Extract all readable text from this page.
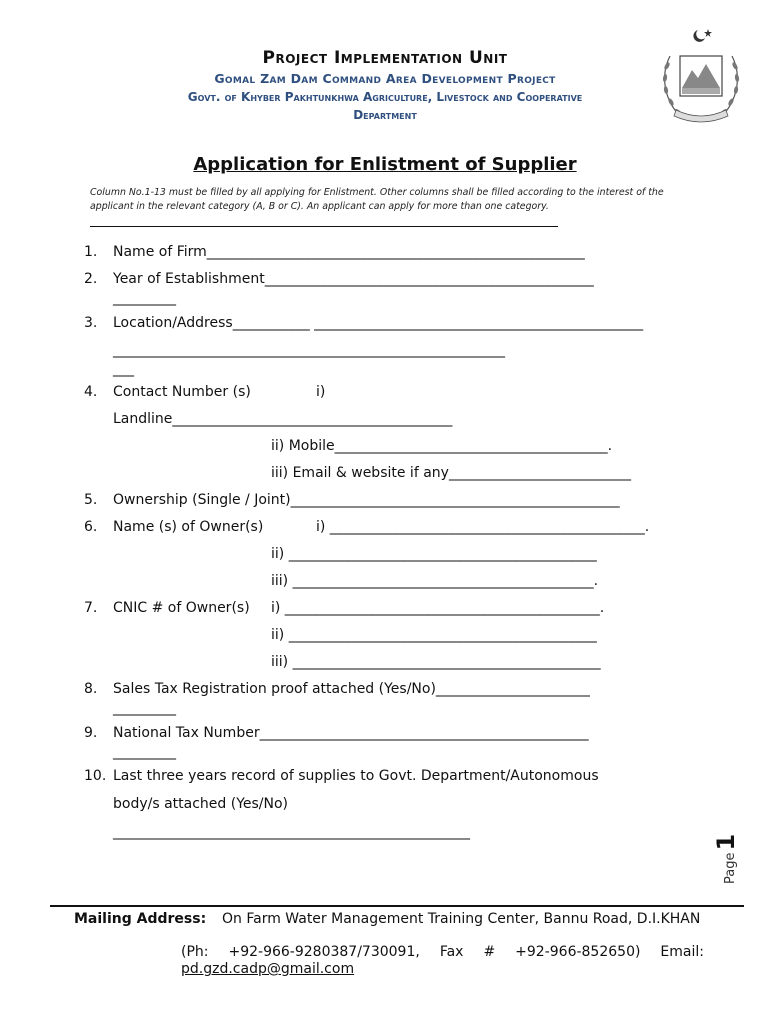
Project Implementation Unit
Gomal Zam Dam Command Area Development Project
Govt. of Khyber Pakhtunkhwa Agriculture, Livestock and Cooperative
Department
Application for Enlistment of Supplier
Column No.1-13 must be filled by all applying for Enlistment. Other columns shall be filled according to the interest of the applicant in the relevant category (A, B or C). An applicant can apply for more than one category.
1.	Name of Firm______________________________________________________
2.	Year of Establishment_______________________________________________
_________
3.	Location/Address___________ _______________________________________________
________________________________________________________
___
4.	Contact Number (s)	i)
Landline________________________________________
ii) Mobile_______________________________________.
iii) Email & website if any__________________________
5.	Ownership (Single / Joint)_______________________________________________
6.	Name (s) of Owner(s)	i) _____________________________________________.
ii) ____________________________________________
iii) ___________________________________________.
7.	CNIC # of Owner(s) i) _____________________________________________.
ii) ____________________________________________
iii) ____________________________________________
8.	Sales Tax Registration proof attached (Yes/No)______________________
_________
9.	National Tax Number_______________________________________________
_________
10. Last three years record of supplies to Govt. Department/Autonomous
body/s attached (Yes/No)
___________________________________________________
Page1
Mailing Address: On Farm Water Management Training Center, Bannu Road, D.I.KHAN
(Ph: +92-966-9280387/730091, Fax # +92-966-852650) Email:
pd.gzd.cadp@gmail.com
